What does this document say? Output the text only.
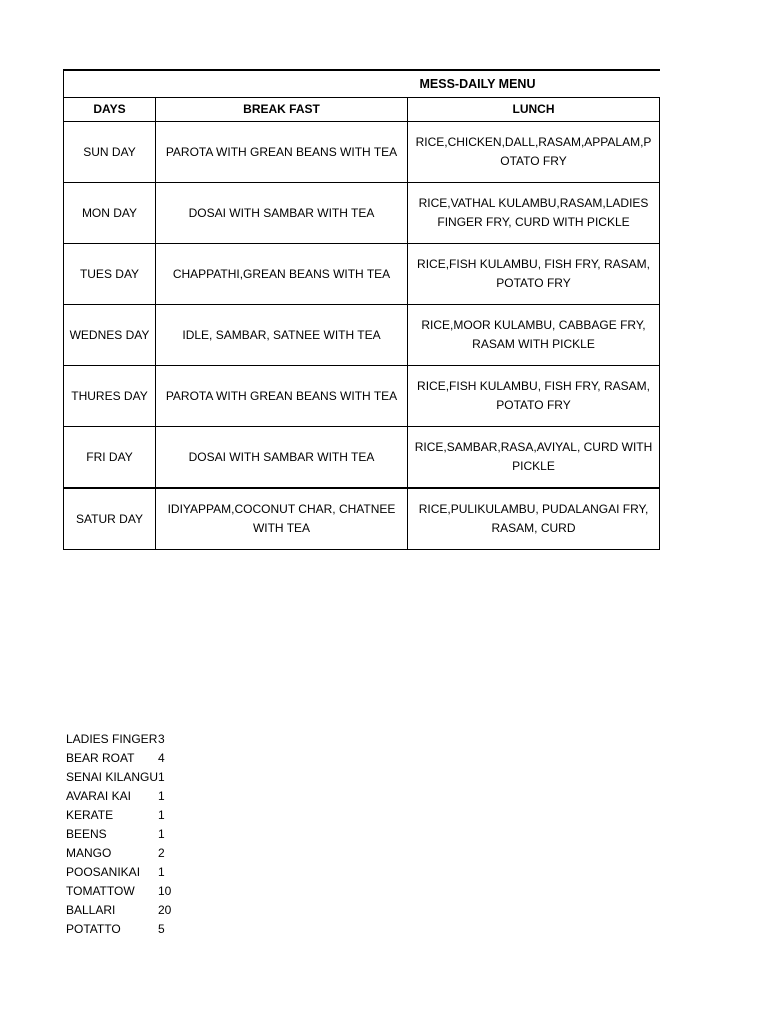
	MESS-DAILY MENU	
DAYS	BREAK FAST	LUNCH
SUN DAY	PAROTA WITH GREAN BEANS WITH TEA	RICE,CHICKEN,DALL,RASAM,APPALAM,POTATO FRY
MON DAY	DOSAI WITH SAMBAR WITH TEA	RICE,VATHAL KULAMBU,RASAM,LADIES FINGER FRY, CURD WITH PICKLE
TUES DAY	CHAPPATHI,GREAN BEANS WITH TEA	RICE,FISH KULAMBU, FISH FRY, RASAM, POTATO FRY
WEDNES DAY	IDLE, SAMBAR, SATNEE WITH TEA	RICE,MOOR KULAMBU, CABBAGE FRY, RASAM WITH PICKLE
THURES DAY	PAROTA WITH GREAN BEANS WITH TEA	RICE,FISH KULAMBU, FISH FRY, RASAM, POTATO FRY
FRI DAY	DOSAI WITH SAMBAR WITH TEA	RICE,SAMBAR,RASA,AVIYAL, CURD WITH PICKLE
SATUR DAY	IDIYAPPAM,COCONUT CHAR, CHATNEE WITH TEA	RICE,PULIKULAMBU, PUDALANGAI FRY, RASAM, CURD
LADIES FINGER 3
BEAR ROAT	4
SENAI KILANGU 1
AVARAI KAI	1
KERATE	1
BEENS	1
MANGO	2
POOSANIKAI	1
TOMATTOW	10
BALLARI	20
POTATTO	5
